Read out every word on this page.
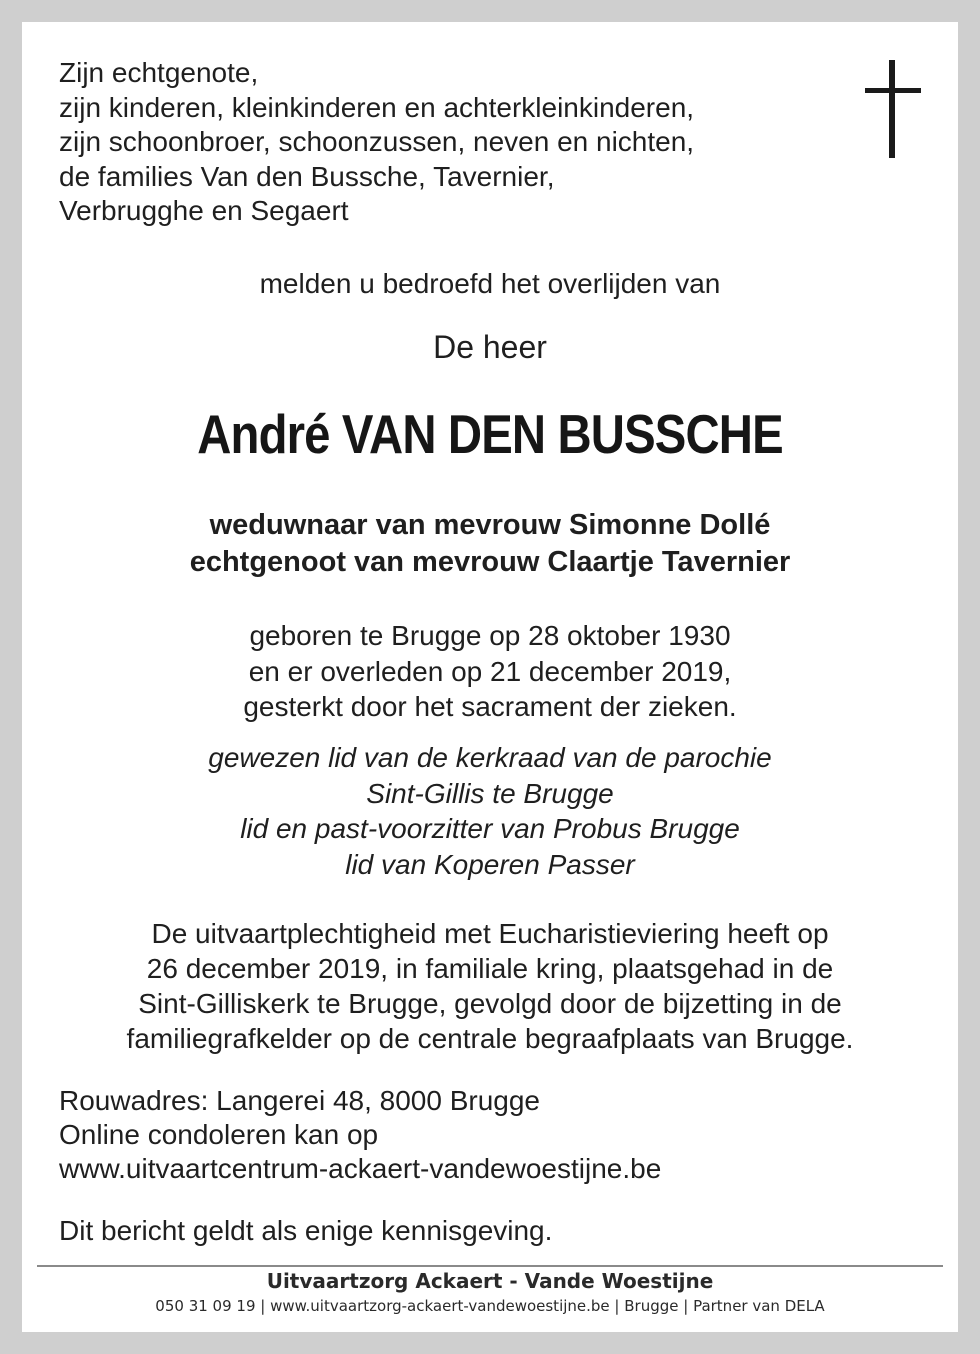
Zijn echtgenote,
zijn kinderen, kleinkinderen en achterkleinkinderen,
zijn schoonbroer, schoonzussen, neven en nichten,
de families Van den Bussche, Tavernier,
Verbrugghe en Segaert

melden u bedroefd het overlijden van

De heer

André VAN DEN BUSSCHE

weduwnaar van mevrouw Simonne Dollé
echtgenoot van mevrouw Claartje Tavernier
geboren te Brugge op 28 oktober 1930
en er overleden op 21 december 2019,
gesterkt door het sacrament der zieken.
gewezen lid van de kerkraad van de parochie
Sint-Gillis te Brugge
lid en past-voorzitter van Probus Brugge
lid van Koperen Passer
De uitvaartplechtigheid met Eucharistieviering heeft op
26 december 2019, in familiale kring, plaatsgehad in de
Sint-Gilliskerk te Brugge, gevolgd door de bijzetting in de
familiegrafkelder op de centrale begraafplaats van Brugge.
Rouwadres: Langerei 48, 8000 Brugge
Online condoleren kan op
www.uitvaartcentrum-ackaert-vandewoestijne.be

Dit bericht geldt als enige kennisgeving.

Uitvaartzorg Ackaert - Vande Woestijne

050 31 09 19 | www.uitvaartzorg-ackaert-vandewoestijne.be | Brugge | Partner van DELA
